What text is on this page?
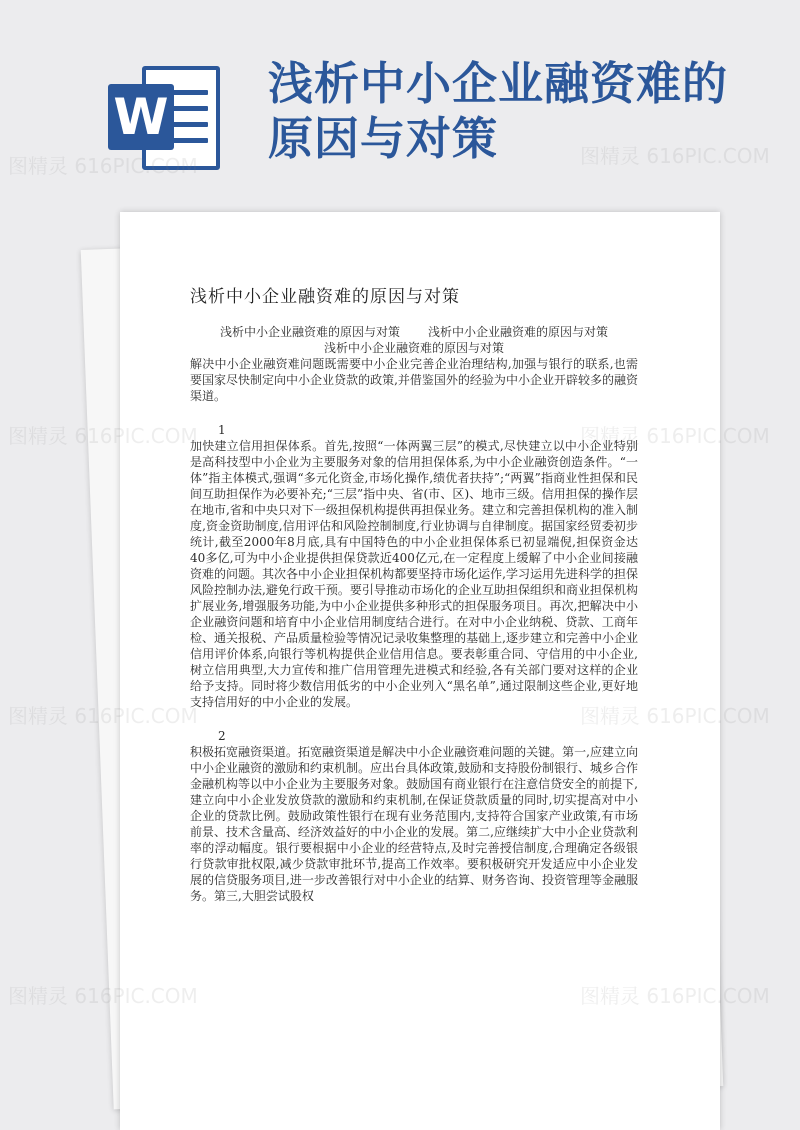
W
浅析中小企业融资难的原因与对策
浅析中小企业融资难的原因与对策

浅析中小企业融资难的原因与对策 浅析中小企业融资难的原因与对策

浅析中小企业融资难的原因与对策

解决中小企业融资难问题既需要中小企业完善企业治理结构,加强与银行的联系,也需要国家尽快制定向中小企业贷款的政策,并借鉴国外的经验为中小企业开辟较多的融资渠道。

1

加快建立信用担保体系。首先,按照“一体两翼三层”的模式,尽快建立以中小企业特别是高科技型中小企业为主要服务对象的信用担保体系,为中小企业融资创造条件。“一体”指主体模式,强调“多元化资金,市场化操作,绩优者扶持”;“两翼”指商业性担保和民间互助担保作为必要补充;“三层”指中央、省(市、区)、地市三级。信用担保的操作层在地市,省和中央只对下一级担保机构提供再担保业务。建立和完善担保机构的准入制度,资金资助制度,信用评估和风险控制制度,行业协调与自律制度。据国家经贸委初步统计,截至2000年8月底,具有中国特色的中小企业担保体系已初显端倪,担保资金达40多亿,可为中小企业提供担保贷款近400亿元,在一定程度上缓解了中小企业间接融资难的问题。其次各中小企业担保机构都要坚持市场化运作,学习运用先进科学的担保风险控制办法,避免行政干预。要引导推动市场化的企业互助担保组织和商业担保机构扩展业务,增强服务功能,为中小企业提供多种形式的担保服务项目。再次,把解决中小企业融资问题和培育中小企业信用制度结合进行。在对中小企业纳税、贷款、工商年检、通关报税、产品质量检验等情况记录收集整理的基础上,逐步建立和完善中小企业信用评价体系,向银行等机构提供企业信用信息。要表彰重合同、守信用的中小企业,树立信用典型,大力宣传和推广信用管理先进模式和经验,各有关部门要对这样的企业给予支持。同时将少数信用低劣的中小企业列入“黑名单”,通过限制这些企业,更好地支持信用好的中小企业的发展。

2

积极拓宽融资渠道。拓宽融资渠道是解决中小企业融资难问题的关键。第一,应建立向中小企业融资的激励和约束机制。应出台具体政策,鼓励和支持股份制银行、城乡合作金融机构等以中小企业为主要服务对象。鼓励国有商业银行在注意信贷安全的前提下,建立向中小企业发放贷款的激励和约束机制,在保证贷款质量的同时,切实提高对中小企业的贷款比例。鼓励政策性银行在现有业务范围内,支持符合国家产业政策,有市场前景、技术含量高、经济效益好的中小企业的发展。第二,应继续扩大中小企业贷款利率的浮动幅度。银行要根据中小企业的经营特点,及时完善授信制度,合理确定各级银行贷款审批权限,减少贷款审批环节,提高工作效率。要积极研究开发适应中小企业发展的信贷服务项目,进一步改善银行对中小企业的结算、财务咨询、投资管理等金融服务。第三,大胆尝试股权

图精灵 616PIC.COM	图精灵 616PIC.COM
图精灵
图精灵
图精灵 616PIC.COM
